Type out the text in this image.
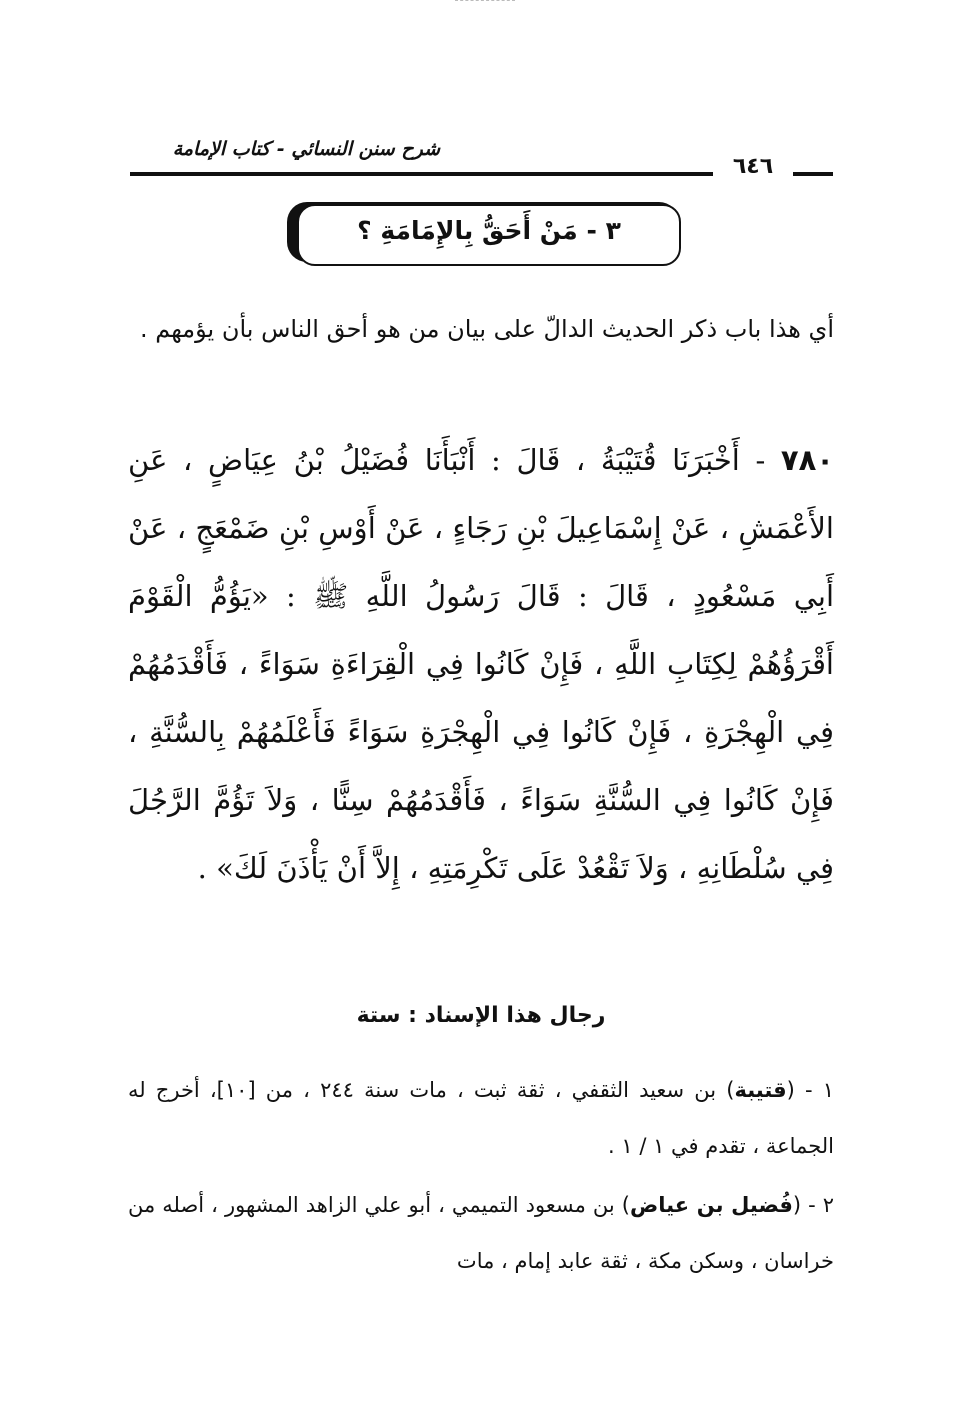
شرح سنن النسائي - كتاب الإمامة
٦٤٦
٣ - مَنْ أَحَقُّ بِالإِمَامَةِ ؟
أي هذا باب ذكر الحديث الدالّ على بيان من هو أحق الناس بأن يؤمهم .
٧٨٠ - أَخْبَرَنَا قُتَيْبَةُ ، قَالَ : أَنْبَأَنَا فُضَيْلُ بْنُ عِيَاضٍ ، عَنِ الأَعْمَشِ ، عَنْ إِسْمَاعِيلَ بْنِ رَجَاءٍ ، عَنْ أَوْسِ بْنِ ضَمْعَجٍ ، عَنْ أَبِي مَسْعُودٍ ، قَالَ : قَالَ رَسُولُ اللَّهِ ﷺ : «يَؤُمُّ الْقَوْمَ أَقْرَؤُهُمْ لِكِتَابِ اللَّهِ ، فَإِنْ كَانُوا فِي الْقِرَاءَةِ سَوَاءً ، فَأَقْدَمُهُمْ فِي الْهِجْرَةِ ، فَإِنْ كَانُوا فِي الْهِجْرَةِ سَوَاءً فَأَعْلَمُهُمْ بِالسُّنَّةِ ، فَإِنْ كَانُوا فِي السُّنَّةِ سَوَاءً ، فَأَقْدَمُهُمْ سِنًّا ، وَلاَ تَؤُمَّ الرَّجُلَ فِي سُلْطَانِهِ ، وَلاَ تَقْعُدْ عَلَى تَكْرِمَتِهِ ، إِلاَّ أَنْ يَأْذَنَ لَكَ» .
رجال هذا الإسناد : ستة
١ - (قتيبة) بن سعيد الثقفي ، ثقة ثبت ، مات سنة ٢٤٤ ، من [١٠]، أخرج له الجماعة ، تقدم في ١ / ١ .
٢ - (فُضيل بن عياض) بن مسعود التميمي ، أبو علي الزاهد المشهور ، أصله من خراسان ، وسكن مكة ، ثقة عابد إمام ، مات
